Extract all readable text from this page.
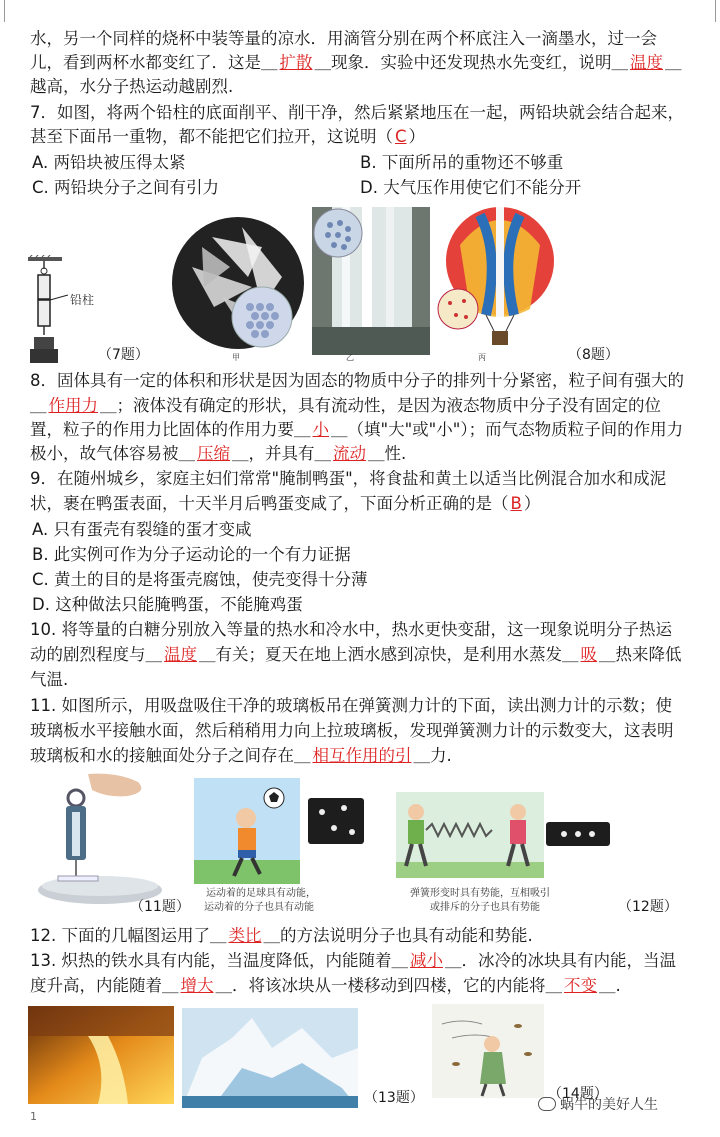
水，另一个同样的烧杯中装等量的凉水．用滴管分别在两个杯底注入一滴墨水，过一会
儿，看到两杯水都变红了．这是＿ 扩散 ＿现象．实验中还发现热水先变红，说明＿ 温度 ＿
越高，水分子热运动越剧烈.
7．如图，将两个铅柱的底面削平、削干净，然后紧紧地压在一起，两铅块就会结合起来，
甚至下面吊一重物，都不能把它们拉开，这说明（ C ）
A. 两铅块被压得太紧	B. 下面所吊的重物还不够重
C. 两铅块分子之间有引力	D. 大气压作用使它们不能分开
铅柱
甲	乙	丙
（7题）	（8题）
8．固体具有一定的体积和形状是因为固态的物质中分子的排列十分紧密，粒子间有强大的
＿ 作用力 ＿；液体没有确定的形状，具有流动性，是因为液态物质中分子没有固定的位
置，粒子的作用力比固体的作用力要＿ 小 ＿（填"大"或"小"）；而气态物质粒子间的作用力
极小，故气体容易被＿ 压缩 ＿，并具有＿ 流动 ＿性.
9．在随州城乡，家庭主妇们常常"腌制鸭蛋"，将食盐和黄土以适当比例混合加水和成泥
状，裹在鸭蛋表面，十天半月后鸭蛋变咸了，下面分析正确的是（ B ）
A. 只有蛋壳有裂缝的蛋才变咸
B. 此实例可作为分子运动论的一个有力证据
C. 黄土的目的是将蛋壳腐蚀，使壳变得十分薄
D. 这种做法只能腌鸭蛋，不能腌鸡蛋
10. 将等量的白糖分别放入等量的热水和冷水中，热水更快变甜，这一现象说明分子热运
动的剧烈程度与＿ 温度 ＿有关；夏天在地上洒水感到凉快，是利用水蒸发＿ 吸 ＿热来降低
气温.
11. 如图所示，用吸盘吸住干净的玻璃板吊在弹簧测力计的下面，读出测力计的示数；使
玻璃板水平接触水面，然后稍稍用力向上拉玻璃板，发现弹簧测力计的示数变大，这表明
玻璃板和水的接触面处分子之间存在＿ 相互作用的引 ＿力.
运动着的足球具有动能，
运动着的分子也具有动能
弹簧形变时具有势能，互相吸引
或排斥的分子也具有势能
（11题）	（12题）
12. 下面的几幅图运用了＿ 类比 ＿的方法说明分子也具有动能和势能.
13. 炽热的铁水具有内能，当温度降低，内能随着＿ 减小 ＿．冰冷的冰块具有内能，当温
度升高，内能随着＿ 增大 ＿．将该冰块从一楼移动到四楼，它的内能将＿ 不变 ＿.
（13题）	（14题）
1
蜗牛的美好人生
